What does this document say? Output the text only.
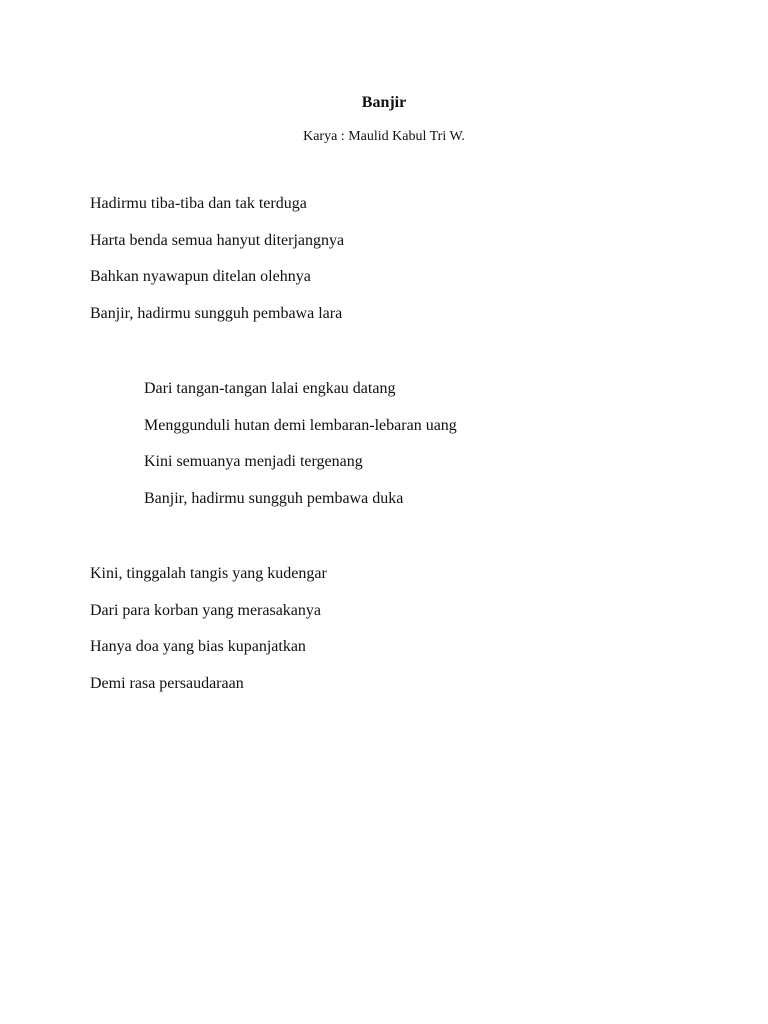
Banjir
Karya : Maulid Kabul Tri W.
Hadirmu tiba-tiba dan tak terduga
Harta benda semua hanyut diterjangnya
Bahkan nyawapun ditelan olehnya
Banjir, hadirmu sungguh pembawa lara
Dari tangan-tangan lalai engkau datang
Menggunduli hutan demi lembaran-lebaran uang
Kini semuanya menjadi tergenang
Banjir, hadirmu sungguh pembawa duka
Kini, tinggalah tangis yang kudengar
Dari para korban yang merasakanya
Hanya doa yang bias kupanjatkan
Demi rasa persaudaraan
